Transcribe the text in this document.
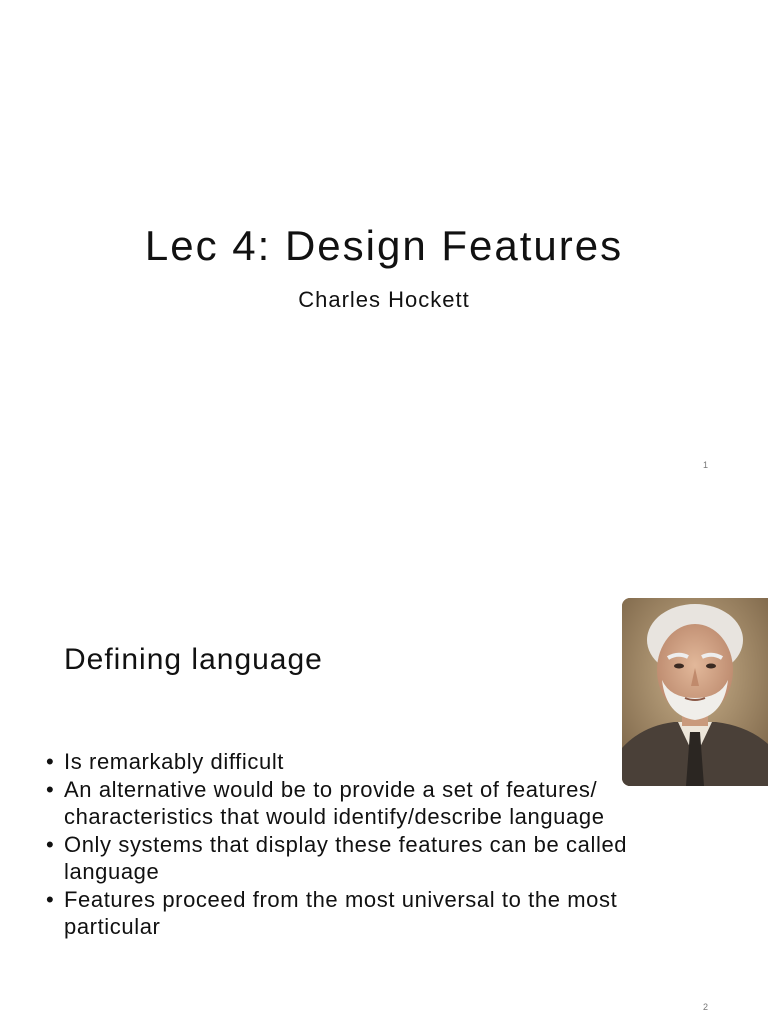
Lec 4: Design Features
Charles Hockett
1
Defining language
• Is remarkably difficult
• An alternative would be to provide a set of features/ characteristics that would identify/describe language
• Only systems that display these features can be called language
• Features proceed from the most universal to the most particular
2
